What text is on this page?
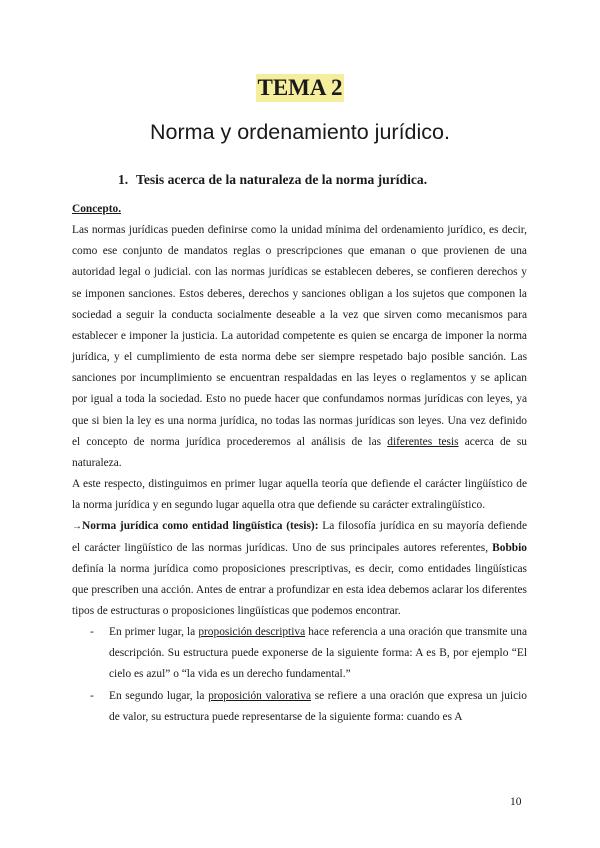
TEMA 2
Norma y ordenamiento jurídico.
1. Tesis acerca de la naturaleza de la norma jurídica.

Concepto.

Las normas jurídicas pueden definirse como la unidad mínima del ordenamiento jurídico, es decir, como ese conjunto de mandatos reglas o prescripciones que emanan o que provienen de una autoridad legal o judicial. con las normas jurídicas se establecen deberes, se confieren derechos y se imponen sanciones. Estos deberes, derechos y sanciones obligan a los sujetos que componen la sociedad a seguir la conducta socialmente deseable a la vez que sirven como mecanismos para establecer e imponer la justicia. La autoridad competente es quien se encarga de imponer la norma jurídica, y el cumplimiento de esta norma debe ser siempre respetado bajo posible sanción. Las sanciones por incumplimiento se encuentran respaldadas en las leyes o reglamentos y se aplican por igual a toda la sociedad. Esto no puede hacer que confundamos normas jurídicas con leyes, ya que si bien la ley es una norma jurídica, no todas las normas jurídicas son leyes. Una vez definido el concepto de norma jurídica procederemos al análisis de las diferentes tesis acerca de su naturaleza.

A este respecto, distinguimos en primer lugar aquella teoría que defiende el carácter lingüístico de la norma jurídica y en segundo lugar aquella otra que defiende su carácter extralingüístico.

→Norma jurídica como entidad lingüística (tesis): La filosofía jurídica en su mayoría defiende el carácter lingüístico de las normas jurídicas. Uno de sus principales autores referentes, Bobbio definía la norma jurídica como proposiciones prescriptivas, es decir, como entidades lingüísticas que prescriben una acción. Antes de entrar a profundizar en esta idea debemos aclarar los diferentes tipos de estructuras o proposiciones lingüísticas que podemos encontrar.

- En primer lugar, la proposición descriptiva hace referencia a una oración que transmite una descripción. Su estructura puede exponerse de la siguiente forma: A es B, por ejemplo “El cielo es azul” o “la vida es un derecho fundamental.”
- En segundo lugar, la proposición valorativa se refiere a una oración que expresa un juicio de valor, su estructura puede representarse de la siguiente forma: cuando es A
10
